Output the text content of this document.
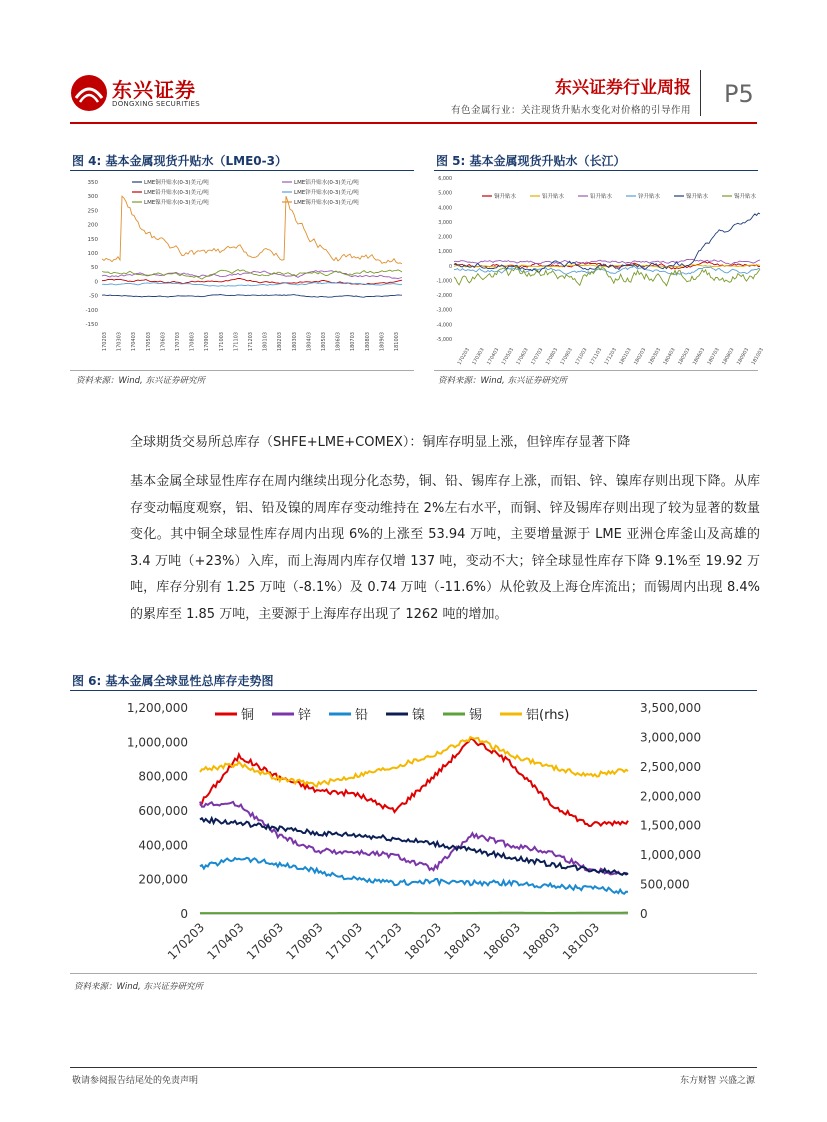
东兴证券
DONGXING SECURITIES
东兴证券行业周报
有色金属行业：关注现货升贴水变化对价格的引导作用
P5
图 4: 基本金属现货升贴水（LME0-3）
350
300
250
200
150
100
50
0
-50
-100
-150
170203 170303 170403 170503 170603 170703 170803 170903 171003 171103 171203 180103 180203 180303 180403 180503 180603 180703 180803 180903 181003
LME铜升贴水(0-3)美元/吨	LME铝升贴水(0-3)美元/吨
LME铅升贴水(0-3)美元/吨	LME锌升贴水(0-3)美元/吨
LME镍升贴水(0-3)美元/吨	LME锡升贴水(0-3)美元/吨
资料来源：Wind, 东兴证券研究所
图 5: 基本金属现货升贴水（长江）
6,000
5,000
4,000
3,000
2,000
1,000
0
-1,000
-2,000
-3,000
-4,000
-5,000
170203 170303 170403 170503 170603 170703 170803 170903 171003 171103 171203 180103 180203 180303 180403 180503 180603 180703 180803 180903 181003
铜升贴水	铝升贴水	铅升贴水	锌升贴水	镍升贴水	锡升贴水
资料来源：Wind, 东兴证券研究所
全球期货交易所总库存（SHFE+LME+COMEX）：铜库存明显上涨，但锌库存显著下降
基本金属全球显性库存在周内继续出现分化态势，铜、铅、锡库存上涨，而铝、锌、镍库存则出现下降。从库存变动幅度观察，铝、铅及镍的周库存变动维持在 2%左右水平，而铜、锌及锡库存则出现了较为显著的数量变化。其中铜全球显性库存周内出现 6%的上涨至 53.94 万吨，主要增量源于 LME 亚洲仓库釜山及高雄的 3.4 万吨（+23%）入库，而上海周内库存仅增 137 吨，变动不大；锌全球显性库存下降 9.1%至 19.92 万吨，库存分别有 1.25 万吨（-8.1%）及 0.74 万吨（-11.6%）从伦敦及上海仓库流出；而锡周内出现 8.4%的累库至 1.85 万吨，主要源于上海库存出现了 1262 吨的增加。
图 6: 基本金属全球显性总库存走势图
1,200,000
1,000,000
800,000
600,000
400,000
200,000
0
3,500,000
3,000,000
2,500,000
2,000,000
1,500,000
1,000,000
500,000
0
170203
170403
170603
170803
171003
171203
180203
180403
180603
180803
181003
铜	锌	铅	镍	锡	铝(rhs)
资料来源：Wind, 东兴证券研究所
敬请参阅报告结尾处的免责声明	东方财智 兴盛之源
